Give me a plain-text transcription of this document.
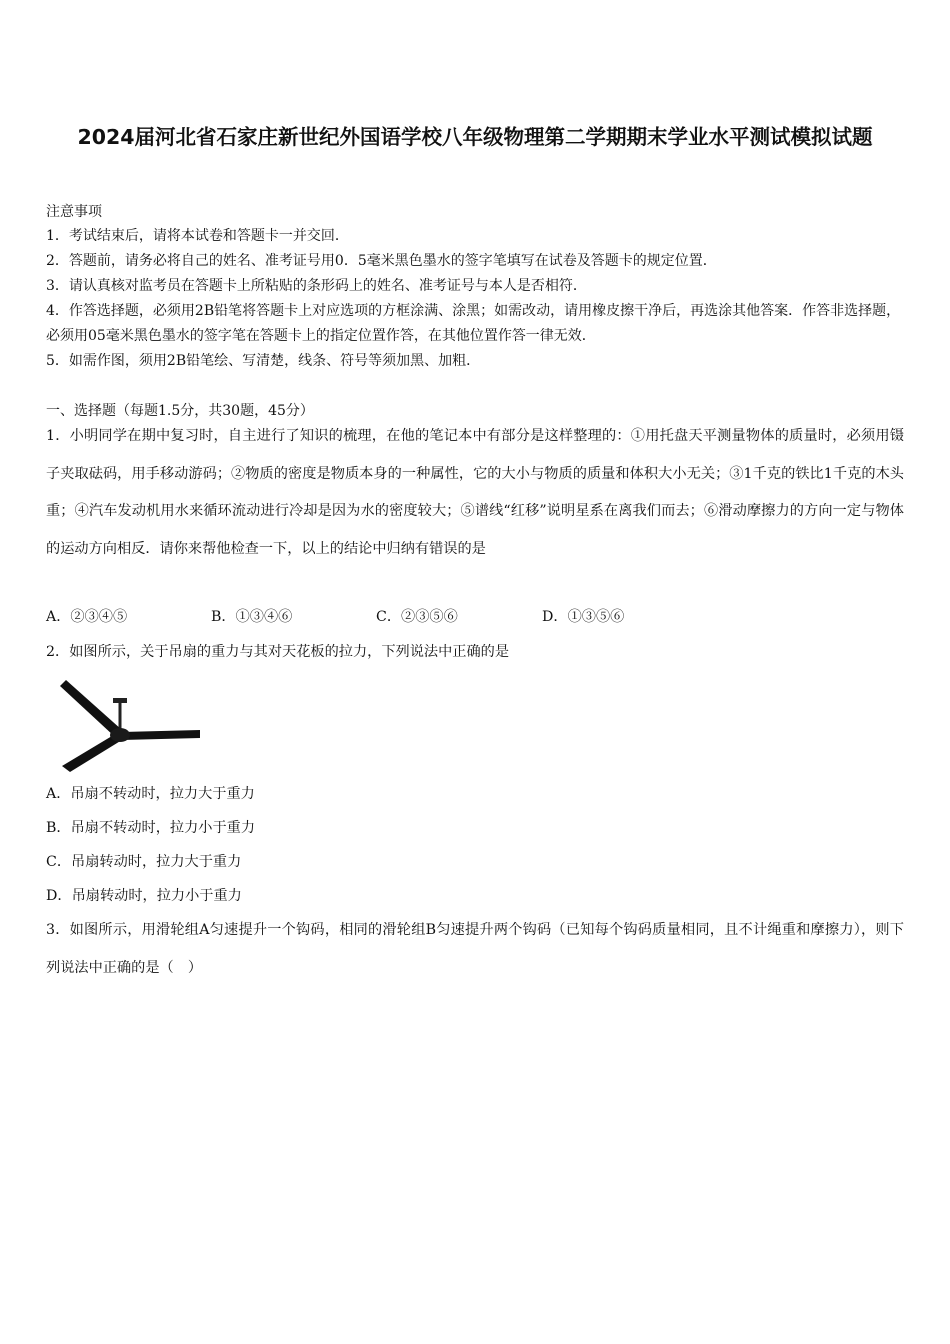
2024届河北省石家庄新世纪外国语学校八年级物理第二学期期末学业水平测试模拟试题
注意事项
1．考试结束后，请将本试卷和答题卡一并交回．
2．答题前，请务必将自己的姓名、准考证号用0．5毫米黑色墨水的签字笔填写在试卷及答题卡的规定位置．
3．请认真核对监考员在答题卡上所粘贴的条形码上的姓名、准考证号与本人是否相符．
4．作答选择题，必须用2B铅笔将答题卡上对应选项的方框涂满、涂黑；如需改动，请用橡皮擦干净后，再选涂其他答案．作答非选择题，必须用05毫米黑色墨水的签字笔在答题卡上的指定位置作答，在其他位置作答一律无效．
5．如需作图，须用2B铅笔绘、写清楚，线条、符号等须加黑、加粗．
一、选择题（每题1.5分，共30题，45分）
1．小明同学在期中复习时，自主进行了知识的梳理，在他的笔记本中有部分是这样整理的：①用托盘天平测量物体的质量时，必须用镊子夹取砝码，用手移动游码；②物质的密度是物质本身的一种属性，它的大小与物质的质量和体积大小无关；③1千克的铁比1千克的木头重；④汽车发动机用水来循环流动进行冷却是因为水的密度较大；⑤谱线“红移”说明星系在离我们而去；⑥滑动摩擦力的方向一定与物体的运动方向相反．请你来帮他检查一下，以上的结论中归纳有错误的是
A．②③④⑤	B．①③④⑥	C．②③⑤⑥	D．①③⑤⑥
2．如图所示，关于吊扇的重力与其对天花板的拉力，下列说法中正确的是
A．吊扇不转动时，拉力大于重力
B．吊扇不转动时，拉力小于重力
C．吊扇转动时，拉力大于重力
D．吊扇转动时，拉力小于重力
3．如图所示，用滑轮组A匀速提升一个钩码，相同的滑轮组B匀速提升两个钩码（已知每个钩码质量相同，且不计绳重和摩擦力），则下列说法中正确的是（　）
